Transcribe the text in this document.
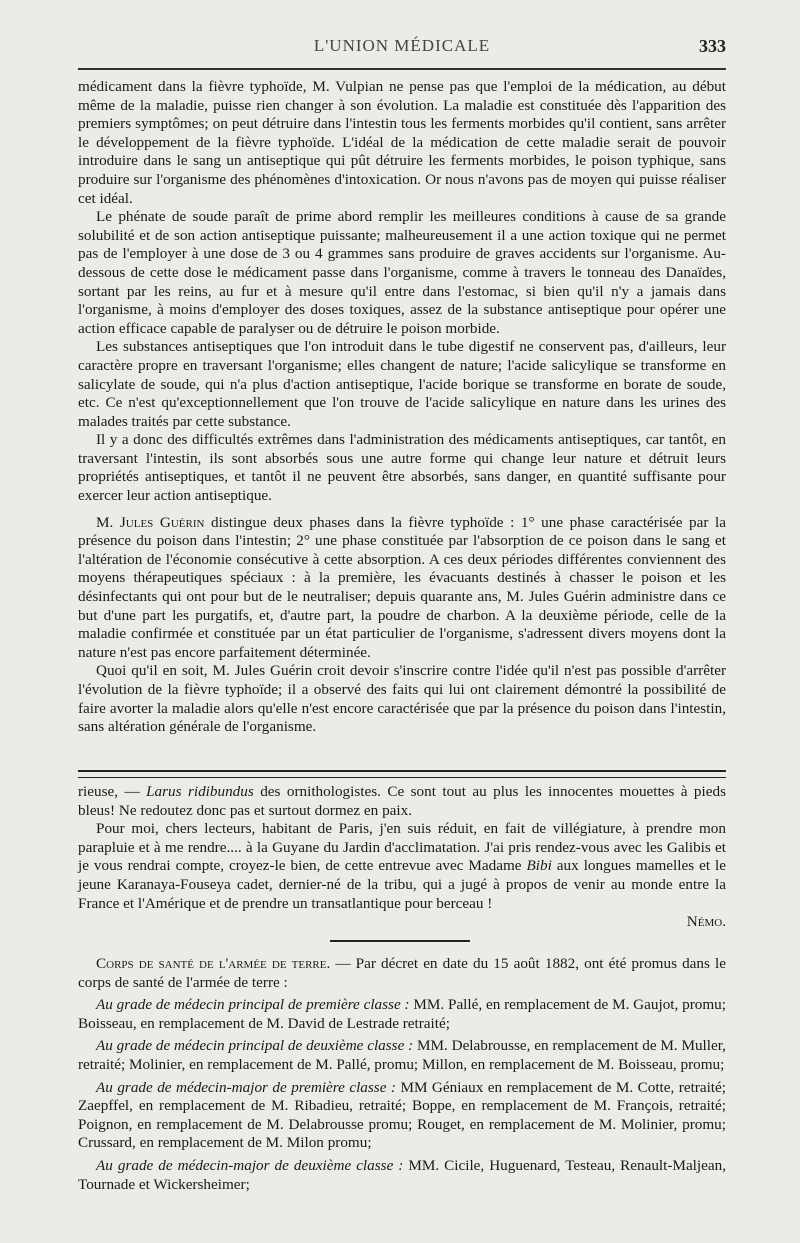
L'UNION MÉDICALE	333

médicament dans la fièvre typhoïde, M. Vulpian ne pense pas que l'emploi de la médication, au début même de la maladie, puisse rien changer à son évolution. La maladie est constituée dès l'apparition des premiers symptômes; on peut détruire dans l'intestin tous les ferments morbides qu'il contient, sans arrêter le développement de la fièvre typhoïde. L'idéal de la médication de cette maladie serait de pouvoir introduire dans le sang un antiseptique qui pût détruire les ferments morbides, le poison typhique, sans produire sur l'organisme des phénomènes d'intoxication. Or nous n'avons pas de moyen qui puisse réaliser cet idéal.

Le phénate de soude paraît de prime abord remplir les meilleures conditions à cause de sa grande solubilité et de son action antiseptique puissante; malheureusement il a une action toxique qui ne permet pas de l'employer à une dose de 3 ou 4 grammes sans produire de graves accidents sur l'organisme. Au-dessous de cette dose le médicament passe dans l'organisme, comme à travers le tonneau des Danaïdes, sortant par les reins, au fur et à mesure qu'il entre dans l'estomac, si bien qu'il n'y a jamais dans l'organisme, à moins d'employer des doses toxiques, assez de la substance antiseptique pour opérer une action efficace capable de paralyser ou de détruire le poison morbide.

Les substances antiseptiques que l'on introduit dans le tube digestif ne conservent pas, d'ailleurs, leur caractère propre en traversant l'organisme; elles changent de nature; l'acide salicylique se transforme en salicylate de soude, qui n'a plus d'action antiseptique, l'acide borique se transforme en borate de soude, etc. Ce n'est qu'exceptionnellement que l'on trouve de l'acide salicylique en nature dans les urines des malades traités par cette substance.

Il y a donc des difficultés extrêmes dans l'administration des médicaments antiseptiques, car tantôt, en traversant l'intestin, ils sont absorbés sous une autre forme qui change leur nature et détruit leurs propriétés antiseptiques, et tantôt il ne peuvent être absorbés, sans danger, en quantité suffisante pour exercer leur action antiseptique.

M. Jules Guérin distingue deux phases dans la fièvre typhoïde : 1° une phase caractérisée par la présence du poison dans l'intestin; 2° une phase constituée par l'absorption de ce poison dans le sang et l'altération de l'économie consécutive à cette absorption. A ces deux périodes différentes conviennent des moyens thérapeutiques spéciaux : à la première, les évacuants destinés à chasser le poison et les désinfectants qui ont pour but de le neutraliser; depuis quarante ans, M. Jules Guérin administre dans ce but d'une part les purgatifs, et, d'autre part, la poudre de charbon. A la deuxième période, celle de la maladie confirmée et constituée par un état particulier de l'organisme, s'adressent divers moyens dont la nature n'est pas encore parfaitement déterminée.

Quoi qu'il en soit, M. Jules Guérin croit devoir s'inscrire contre l'idée qu'il n'est pas possible d'arrêter l'évolution de la fièvre typhoïde; il a observé des faits qui lui ont clairement démontré la possibilité de faire avorter la maladie alors qu'elle n'est encore caractérisée que par la présence du poison dans l'intestin, sans altération générale de l'organisme.

rieuse, — Larus ridibundus des ornithologistes. Ce sont tout au plus les innocentes mouettes à pieds bleus! Ne redoutez donc pas et surtout dormez en paix.

Pour moi, chers lecteurs, habitant de Paris, j'en suis réduit, en fait de villégiature, à prendre mon parapluie et à me rendre.... à la Guyane du Jardin d'acclimatation. J'ai pris rendez-vous avec les Galibis et je vous rendrai compte, croyez-le bien, de cette entrevue avec Madame Bibi aux longues mamelles et le jeune Karanaya-Fouseya cadet, dernier-né de la tribu, qui a jugé à propos de venir au monde entre la France et l'Amérique et de prendre un transatlantique pour berceau !

Némo.

Corps de santé de l'armée de terre. — Par décret en date du 15 août 1882, ont été promus dans le corps de santé de l'armée de terre :

Au grade de médecin principal de première classe : MM. Pallé, en remplacement de M. Gaujot, promu; Boisseau, en remplacement de M. David de Lestrade retraité;

Au grade de médecin principal de deuxième classe : MM. Delabrousse, en remplacement de M. Muller, retraité; Molinier, en remplacement de M. Pallé, promu; Millon, en remplacement de M. Boisseau, promu;

Au grade de médecin-major de première classe : MM Géniaux en remplacement de M. Cotte, retraité; Zaepffel, en remplacement de M. Ribadieu, retraité; Boppe, en remplacement de M. François, retraité; Poignon, en remplacement de M. Delabrousse promu; Rouget, en remplacement de M. Molinier, promu; Crussard, en remplacement de M. Milon promu;

Au grade de médecin-major de deuxième classe : MM. Cicile, Huguenard, Testeau, Renault-Maljean, Tournade et Wickersheimer;
